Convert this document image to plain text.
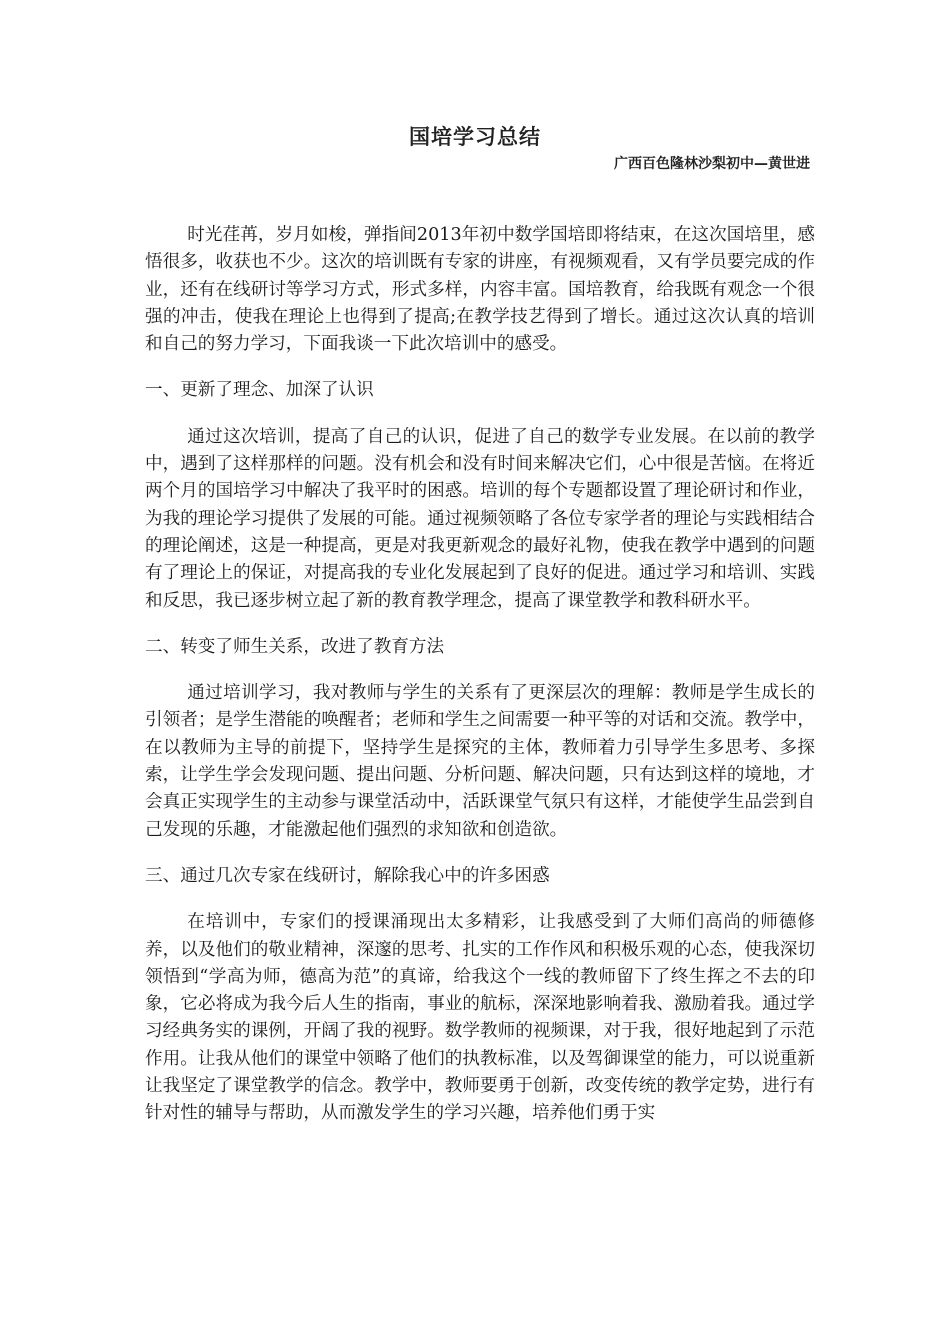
国培学习总结
广西百色隆林沙梨初中—黄世进

时光荏苒，岁月如梭，弹指间2013年初中数学国培即将结束，在这次国培里，感悟很多，收获也不少。这次的培训既有专家的讲座，有视频观看，又有学员要完成的作业，还有在线研讨等学习方式，形式多样，内容丰富。国培教育，给我既有观念一个很强的冲击，使我在理论上也得到了提高;在教学技艺得到了增长。通过这次认真的培训和自己的努力学习，下面我谈一下此次培训中的感受。

一、更新了理念、加深了认识

通过这次培训，提高了自己的认识，促进了自己的数学专业发展。在以前的教学中，遇到了这样那样的问题。没有机会和没有时间来解决它们，心中很是苦恼。在将近两个月的国培学习中解决了我平时的困惑。培训的每个专题都设置了理论研讨和作业，为我的理论学习提供了发展的可能。通过视频领略了各位专家学者的理论与实践相结合的理论阐述，这是一种提高，更是对我更新观念的最好礼物，使我在教学中遇到的问题有了理论上的保证，对提高我的专业化发展起到了良好的促进。通过学习和培训、实践和反思，我已逐步树立起了新的教育教学理念，提高了课堂教学和教科研水平。

二、转变了师生关系，改进了教育方法

通过培训学习，我对教师与学生的关系有了更深层次的理解：教师是学生成长的引领者；是学生潜能的唤醒者；老师和学生之间需要一种平等的对话和交流。教学中，在以教师为主导的前提下，坚持学生是探究的主体，教师着力引导学生多思考、多探索，让学生学会发现问题、提出问题、分析问题、解决问题，只有达到这样的境地，才会真正实现学生的主动参与课堂活动中，活跃课堂气氛只有这样，才能使学生品尝到自己发现的乐趣，才能激起他们强烈的求知欲和创造欲。

三、通过几次专家在线研讨，解除我心中的许多困惑

在培训中，专家们的授课涌现出太多精彩，让我感受到了大师们高尚的师德修养，以及他们的敬业精神，深邃的思考、扎实的工作作风和积极乐观的心态，使我深切领悟到“学高为师，德高为范”的真谛，给我这个一线的教师留下了终生挥之不去的印象，它必将成为我今后人生的指南，事业的航标，深深地影响着我、激励着我。通过学习经典务实的课例，开阔了我的视野。数学教师的视频课，对于我，很好地起到了示范作用。让我从他们的课堂中领略了他们的执教标准，以及驾御课堂的能力，可以说重新让我坚定了课堂教学的信念。教学中，教师要勇于创新，改变传统的教学定势，进行有针对性的辅导与帮助，从而激发学生的学习兴趣，培养他们勇于实
